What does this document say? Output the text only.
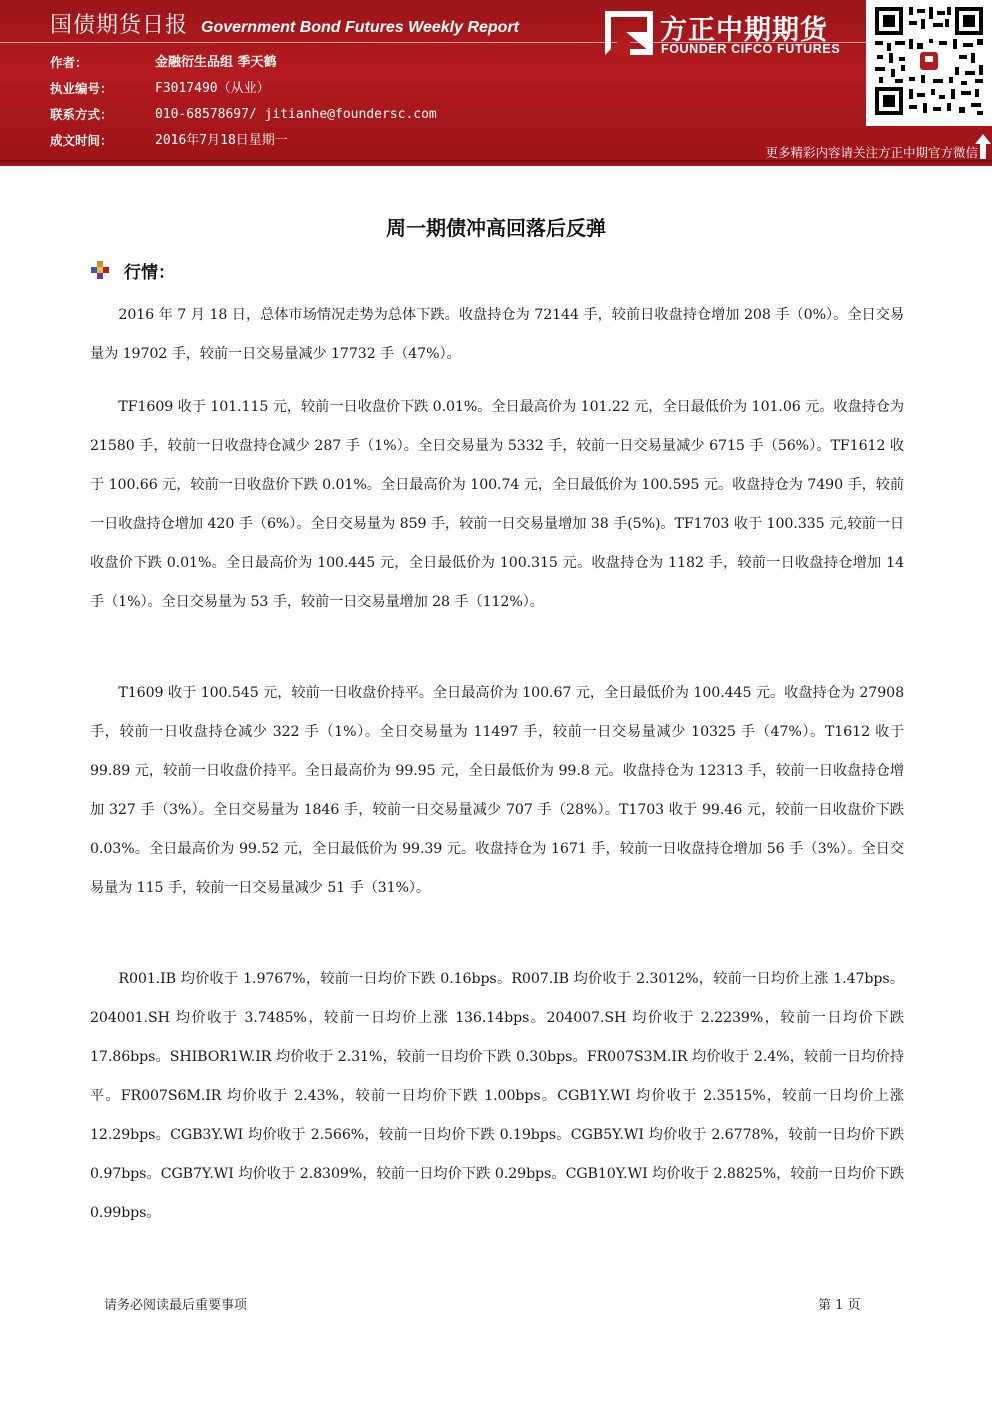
国债期货日报 Government Bond Futures Weekly Report
作者：	金融衍生品组 季天鹤
执业编号：	F3017490（从业）
联系方式：	010-68578697/ jitianhe@foundersc.com
成文时间：	2016年7月18日星期一
方正中期期货
FOUNDER CIFCO FUTURES
更多精彩内容请关注方正中期官方微信
周一期债冲高回落后反弹
行情：

2016 年 7 月 18 日，总体市场情况走势为总体下跌。收盘持仓为 72144 手，较前日收盘持仓增加 208 手（0%）。全日交易量为 19702 手，较前一日交易量减少 17732 手（47%）。

TF1609 收于 101.115 元，较前一日收盘价下跌 0.01%。全日最高价为 101.22 元，全日最低价为 101.06 元。收盘持仓为 21580 手，较前一日收盘持仓减少 287 手（1%）。全日交易量为 5332 手，较前一日交易量减少 6715 手（56%）。TF1612 收于 100.66 元，较前一日收盘价下跌 0.01%。全日最高价为 100.74 元，全日最低价为 100.595 元。收盘持仓为 7490 手，较前一日收盘持仓增加 420 手（6%）。全日交易量为 859 手，较前一日交易量增加 38 手(5%)。TF1703 收于 100.335 元,较前一日收盘价下跌 0.01%。全日最高价为 100.445 元，全日最低价为 100.315 元。收盘持仓为 1182 手，较前一日收盘持仓增加 14 手（1%）。全日交易量为 53 手，较前一日交易量增加 28 手（112%）。

T1609 收于 100.545 元，较前一日收盘价持平。全日最高价为 100.67 元，全日最低价为 100.445 元。收盘持仓为 27908 手，较前一日收盘持仓减少 322 手（1%）。全日交易量为 11497 手，较前一日交易量减少 10325 手（47%）。T1612 收于 99.89 元，较前一日收盘价持平。全日最高价为 99.95 元，全日最低价为 99.8 元。收盘持仓为 12313 手，较前一日收盘持仓增加 327 手（3%）。全日交易量为 1846 手，较前一日交易量减少 707 手（28%）。T1703 收于 99.46 元，较前一日收盘价下跌 0.03%。全日最高价为 99.52 元，全日最低价为 99.39 元。收盘持仓为 1671 手，较前一日收盘持仓增加 56 手（3%）。全日交易量为 115 手，较前一日交易量减少 51 手（31%）。

R001.IB 均价收于 1.9767%，较前一日均价下跌 0.16bps。R007.IB 均价收于 2.3012%，较前一日均价上涨 1.47bps。204001.SH 均价收于 3.7485%，较前一日均价上涨 136.14bps。204007.SH 均价收于 2.2239%，较前一日均价下跌 17.86bps。SHIBOR1W.IR 均价收于 2.31%，较前一日均价下跌 0.30bps。FR007S3M.IR 均价收于 2.4%，较前一日均价持平。FR007S6M.IR 均价收于 2.43%，较前一日均价下跌 1.00bps。CGB1Y.WI 均价收于 2.3515%，较前一日均价上涨 12.29bps。CGB3Y.WI 均价收于 2.566%，较前一日均价下跌 0.19bps。CGB5Y.WI 均价收于 2.6778%，较前一日均价下跌 0.97bps。CGB7Y.WI 均价收于 2.8309%，较前一日均价下跌 0.29bps。CGB10Y.WI 均价收于 2.8825%，较前一日均价下跌 0.99bps。

请务必阅读最后重要事项	第 1 页
